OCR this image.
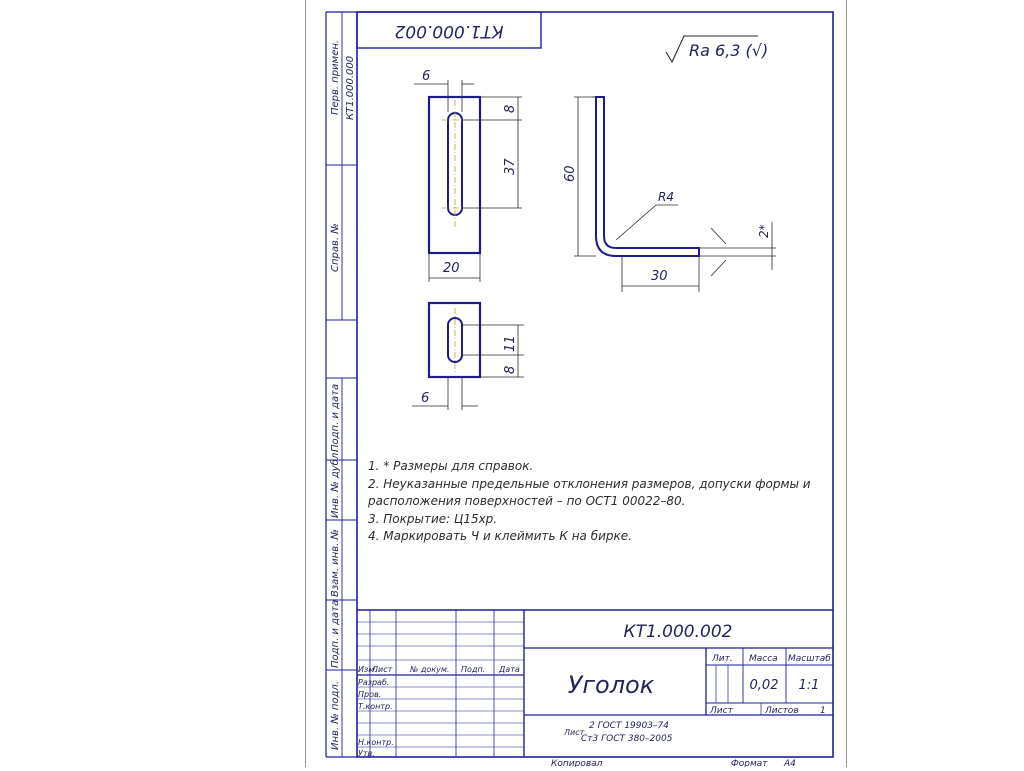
Перв. примен. КТ1.000.000
Справ. №
Подп. и дата
Инв. № дубл.
Взам. инв. №
Подп. и дата
Инв. № подл.
КТ1.000.002
Ra 6,3 (√)
6
8
37
20
60
R4
30
2*
11
8
6
Изм.
Лист № докум. Подп. Дата
Разраб.
Пров.
Т.контр.
Н.контр.
Утв.
КТ1.000.002
Уголок
Лит. Масса Масштаб
0,02 1:1
Лист	Листов 1
2 ГОСТ 19903–74
Лист
Ст3 ГОСТ 380–2005
Копировал	Формат А4
1. * Размеры для справок.
2. Неуказанные предельные отклонения размеров, допуски формы и
расположения поверхностей – по ОСТ1 00022–80.
3. Покрытие: Ц15хр.
4. Маркировать Ч и клеймить К на бирке.
